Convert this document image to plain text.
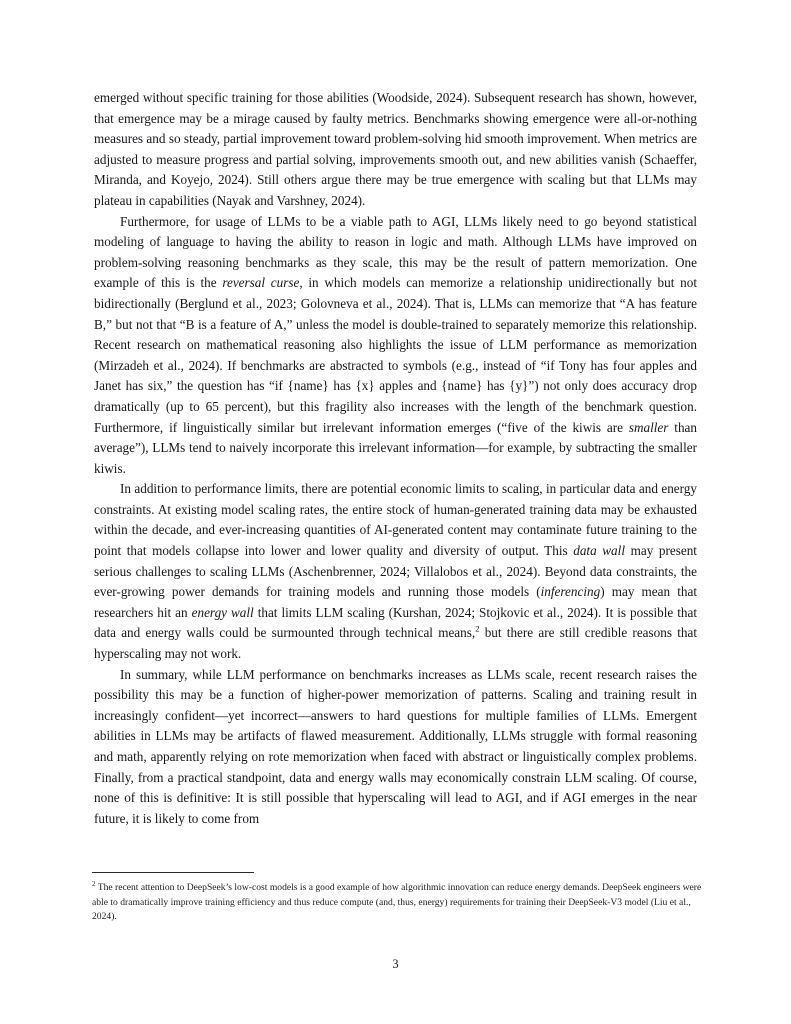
emerged without specific training for those abilities (Woodside, 2024). Subsequent research has shown, however, that emergence may be a mirage caused by faulty metrics. Benchmarks showing emergence were all-or-nothing measures and so steady, partial improvement toward problem-solving hid smooth improvement. When metrics are adjusted to measure progress and partial solving, improvements smooth out, and new abilities vanish (Schaeffer, Miranda, and Koyejo, 2024). Still others argue there may be true emergence with scaling but that LLMs may plateau in capabilities (Nayak and Varshney, 2024).

Furthermore, for usage of LLMs to be a viable path to AGI, LLMs likely need to go beyond statistical modeling of language to having the ability to reason in logic and math. Although LLMs have improved on problem-solving reasoning benchmarks as they scale, this may be the result of pattern memorization. One example of this is the reversal curse, in which models can memorize a relationship unidirectionally but not bidirectionally (Berglund et al., 2023; Golovneva et al., 2024). That is, LLMs can memorize that “A has feature B,” but not that “B is a feature of A,” unless the model is double-trained to separately memorize this relationship. Recent research on mathematical reasoning also highlights the issue of LLM performance as memorization (Mirzadeh et al., 2024). If benchmarks are abstracted to symbols (e.g., instead of “if Tony has four apples and Janet has six,” the question has “if {name} has {x} apples and {name} has {y}”) not only does accuracy drop dramatically (up to 65 percent), but this fragility also increases with the length of the benchmark question. Furthermore, if linguistically similar but irrelevant information emerges (“five of the kiwis are smaller than average”), LLMs tend to naively incorporate this irrelevant information—for example, by subtracting the smaller kiwis.

In addition to performance limits, there are potential economic limits to scaling, in particular data and energy constraints. At existing model scaling rates, the entire stock of human-generated training data may be exhausted within the decade, and ever-increasing quantities of AI-generated content may contaminate future training to the point that models collapse into lower and lower quality and diversity of output. This data wall may present serious challenges to scaling LLMs (Aschenbrenner, 2024; Villalobos et al., 2024). Beyond data constraints, the ever-growing power demands for training models and running those models (inferencing) may mean that researchers hit an energy wall that limits LLM scaling (Kurshan, 2024; Stojkovic et al., 2024). It is possible that data and energy walls could be surmounted through technical means,$^2$ but there are still credible reasons that hyperscaling may not work.

In summary, while LLM performance on benchmarks increases as LLMs scale, recent research raises the possibility this may be a function of higher-power memorization of patterns. Scaling and training result in increasingly confident—yet incorrect—answers to hard questions for multiple families of LLMs. Emergent abilities in LLMs may be artifacts of flawed measurement. Additionally, LLMs struggle with formal reasoning and math, apparently relying on rote memorization when faced with abstract or linguistically complex problems. Finally, from a practical standpoint, data and energy walls may economically constrain LLM scaling. Of course, none of this is definitive: It is still possible that hyperscaling will lead to AGI, and if AGI emerges in the near future, it is likely to come from

$^2$ The recent attention to DeepSeek’s low-cost models is a good example of how algorithmic innovation can reduce energy demands. DeepSeek engineers were able to dramatically improve training efficiency and thus reduce compute (and, thus, energy) requirements for training their DeepSeek-V3 model (Liu et al., 2024).

3
